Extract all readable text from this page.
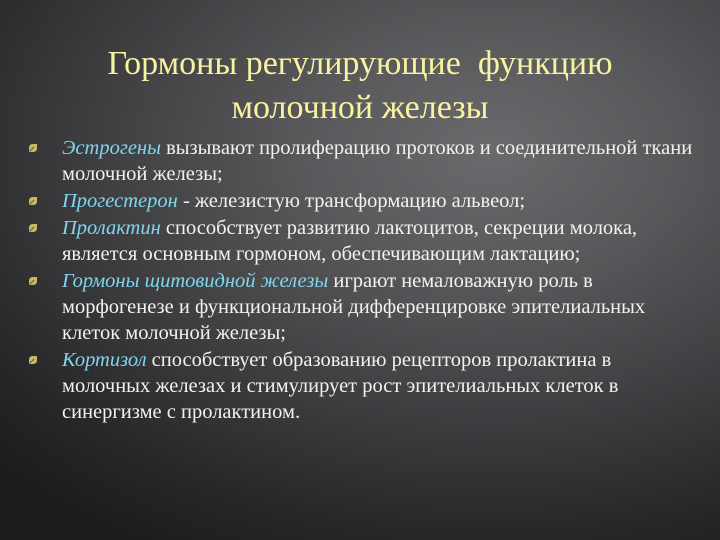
Гормоны регулирующие  функцию
молочной железы
Эстрогены вызывают пролиферацию протоков и соединительной ткани молочной железы;
Прогестерон - железистую трансформацию альвеол;
Пролактин способствует развитию лактоцитов, секреции молока, является основным гормоном, обеспечивающим лактацию;
Гормоны щитовидной железы играют немаловажную роль в морфогенезе и функциональной дифференцировке эпителиальных клеток молочной железы;
Кортизол способствует образованию рецепторов пролактина в молочных железах и стимулирует рост эпителиальных клеток в синергизме с пролактином.
